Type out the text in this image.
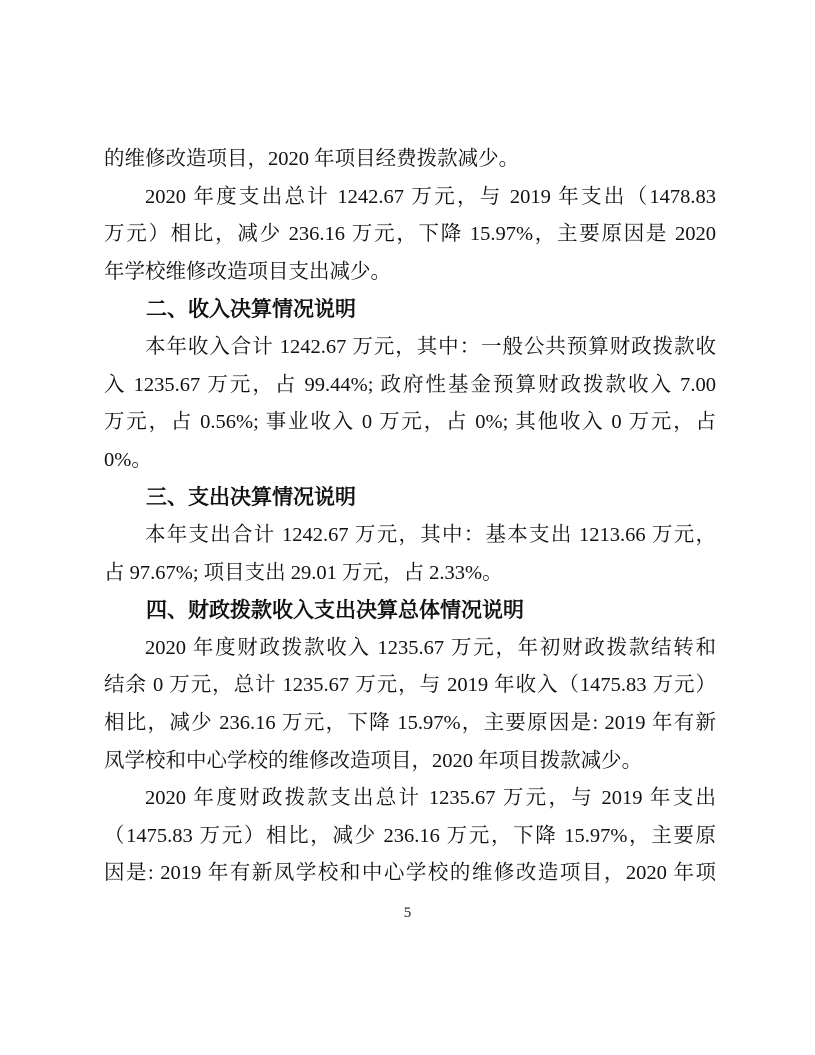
的维修改造项目，2020 年项目经费拨款减少。
2020 年度支出总计 1242.67 万元，与 2019 年支出（1478.83
万元）相比，减少 236.16 万元，下降 15.97%，主要原因是 2020
年学校维修改造项目支出减少。
二、收入决算情况说明
本年收入合计 1242.67 万元，其中：一般公共预算财政拨款收
入 1235.67 万元，占 99.44%; 政府性基金预算财政拨款收入 7.00
万元，占 0.56%; 事业收入 0 万元，占 0%; 其他收入 0 万元，占
0%。
三、支出决算情况说明
本年支出合计 1242.67 万元，其中：基本支出 1213.66 万元，
占 97.67%; 项目支出 29.01 万元，占 2.33%。
四、财政拨款收入支出决算总体情况说明
2020 年度财政拨款收入 1235.67 万元，年初财政拨款结转和
结余 0 万元，总计 1235.67 万元，与 2019 年收入（1475.83 万元）
相比，减少 236.16 万元，下降 15.97%，主要原因是: 2019 年有新
凤学校和中心学校的维修改造项目，2020 年项目拨款减少。
2020 年度财政拨款支出总计 1235.67 万元，与 2019 年支出
（1475.83 万元）相比，减少 236.16 万元，下降 15.97%，主要原
因是: 2019 年有新凤学校和中心学校的维修改造项目，2020 年项
5
